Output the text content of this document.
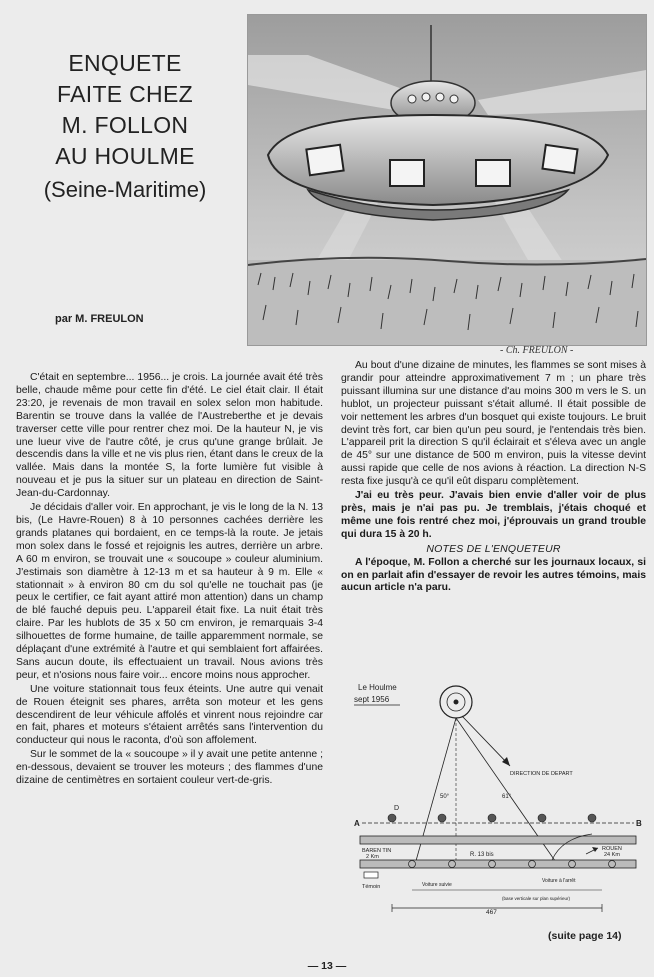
ENQUETE
FAITE CHEZ
M. FOLLON
AU HOULME
(Seine-Maritime)
par M. FREULON
- Ch. FREULON -

C'était en septembre... 1956... je crois. La journée avait été très belle, chaude même pour cette fin d'été. Le ciel était clair. Il était 23:20, je revenais de mon travail en solex selon mon habitude. Barentin se trouve dans la vallée de l'Austreberthe et je devais traverser cette ville pour rentrer chez moi. De la hauteur N, je vis une lueur vive de l'autre côté, je crus qu'une grange brûlait. Je descendis dans la ville et ne vis plus rien, étant dans le creux de la vallée. Mais dans la montée S, la forte lumière fut visible à nouveau et je pus la situer sur un plateau en direction de Saint-Jean-du-Cardonnay.

Je décidais d'aller voir. En approchant, je vis le long de la N. 13 bis, (Le Havre-Rouen) 8 à 10 personnes cachées derrière les grands platanes qui bordaient, en ce temps-là la route. Je jetais mon solex dans le fossé et rejoignis les autres, derrière un arbre. A 60 m environ, se trouvait une « soucoupe » couleur aluminium. J'estimais son diamètre à 12-13 m et sa hauteur à 9 m. Elle « stationnait » à environ 80 cm du sol qu'elle ne touchait pas (je peux le certifier, ce fait ayant attiré mon attention) dans un champ de blé fauché depuis peu. L'appareil était fixe. La nuit était très claire. Par les hublots de 35 x 50 cm environ, je remarquais 3-4 silhouettes de forme humaine, de taille apparemment normale, se déplaçant d'une extrémité à l'autre et qui semblaient fort affairées. Sans aucun doute, ils effectuaient un travail. Nous avions très peur, et n'osions nous faire voir... encore moins nous approcher.

Une voiture stationnait tous feux éteints. Une autre qui venait de Rouen éteignit ses phares, arrêta son moteur et les gens descendirent de leur véhicule affolés et vinrent nous rejoindre car en fait, phares et moteurs s'étaient arrêtés sans l'intervention du conducteur qui nous le raconta, d'où son affolement.

Sur le sommet de la « soucoupe » il y avait une petite antenne ; en-dessous, devaient se trouver les moteurs ; des flammes d'une dizaine de centimètres en sortaient couleur vert-de-gris.

Au bout d'une dizaine de minutes, les flammes se sont mises à grandir pour atteindre approximativement 7 m ; un phare très puissant illumina sur une distance d'au moins 300 m vers le S. un hublot, un projecteur puissant s'était allumé. Il était possible de voir nettement les arbres d'un bosquet qui existe toujours. Le bruit devint très fort, car bien qu'un peu sourd, je l'entendais très bien. L'appareil prit la direction S qu'il éclairait et s'éleva avec un angle de 45° sur une distance de 500 m environ, puis la vitesse devint aussi rapide que celle de nos avions à réaction. La direction N-S resta fixe jusqu'à ce qu'il eût disparu complètement.

J'ai eu très peur. J'avais bien envie d'aller voir de plus près, mais je n'ai pas pu. Je tremblais, j'étais choqué et même une fois rentré chez moi, j'éprouvais un grand trouble qui dura 15 à 20 h.

NOTES DE L'ENQUETEUR

A l'époque, M. Follon a cherché sur les journaux locaux, si on en parlait afin d'essayer de revoir les autres témoins, mais aucun article n'a paru.

Le Houlme
sept 1956
DIRECTION DE DEPART
50°	61°
A	B
D
BAREN TIN
2 Km	R. 13 bis
ROUEN
24 Km
Témoin	Voiture suivie
Voiture à l'arrêt
(base verticale sur plan supérieur)
467
(suite page 14)
— 13 —
